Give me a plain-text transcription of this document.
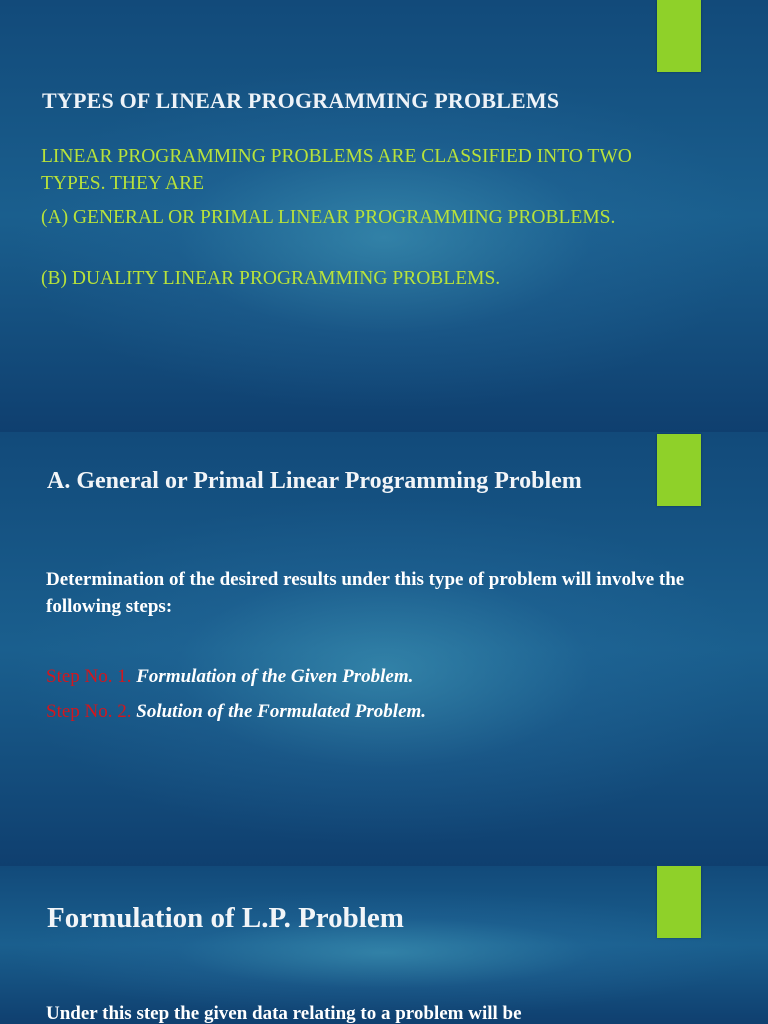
TYPES OF LINEAR PROGRAMMING PROBLEMS

LINEAR PROGRAMMING PROBLEMS ARE CLASSIFIED INTO TWO TYPES. THEY ARE

(A) GENERAL OR PRIMAL LINEAR PROGRAMMING PROBLEMS.

(B) DUALITY LINEAR PROGRAMMING PROBLEMS.

A. General or Primal Linear Programming Problem

Determination of the desired results under this type of problem will involve the following steps:

Step No. 1. Formulation of the Given Problem.

Step No. 2. Solution of the Formulated Problem.

Formulation of L.P. Problem

Under this step the given data relating to a problem will be
